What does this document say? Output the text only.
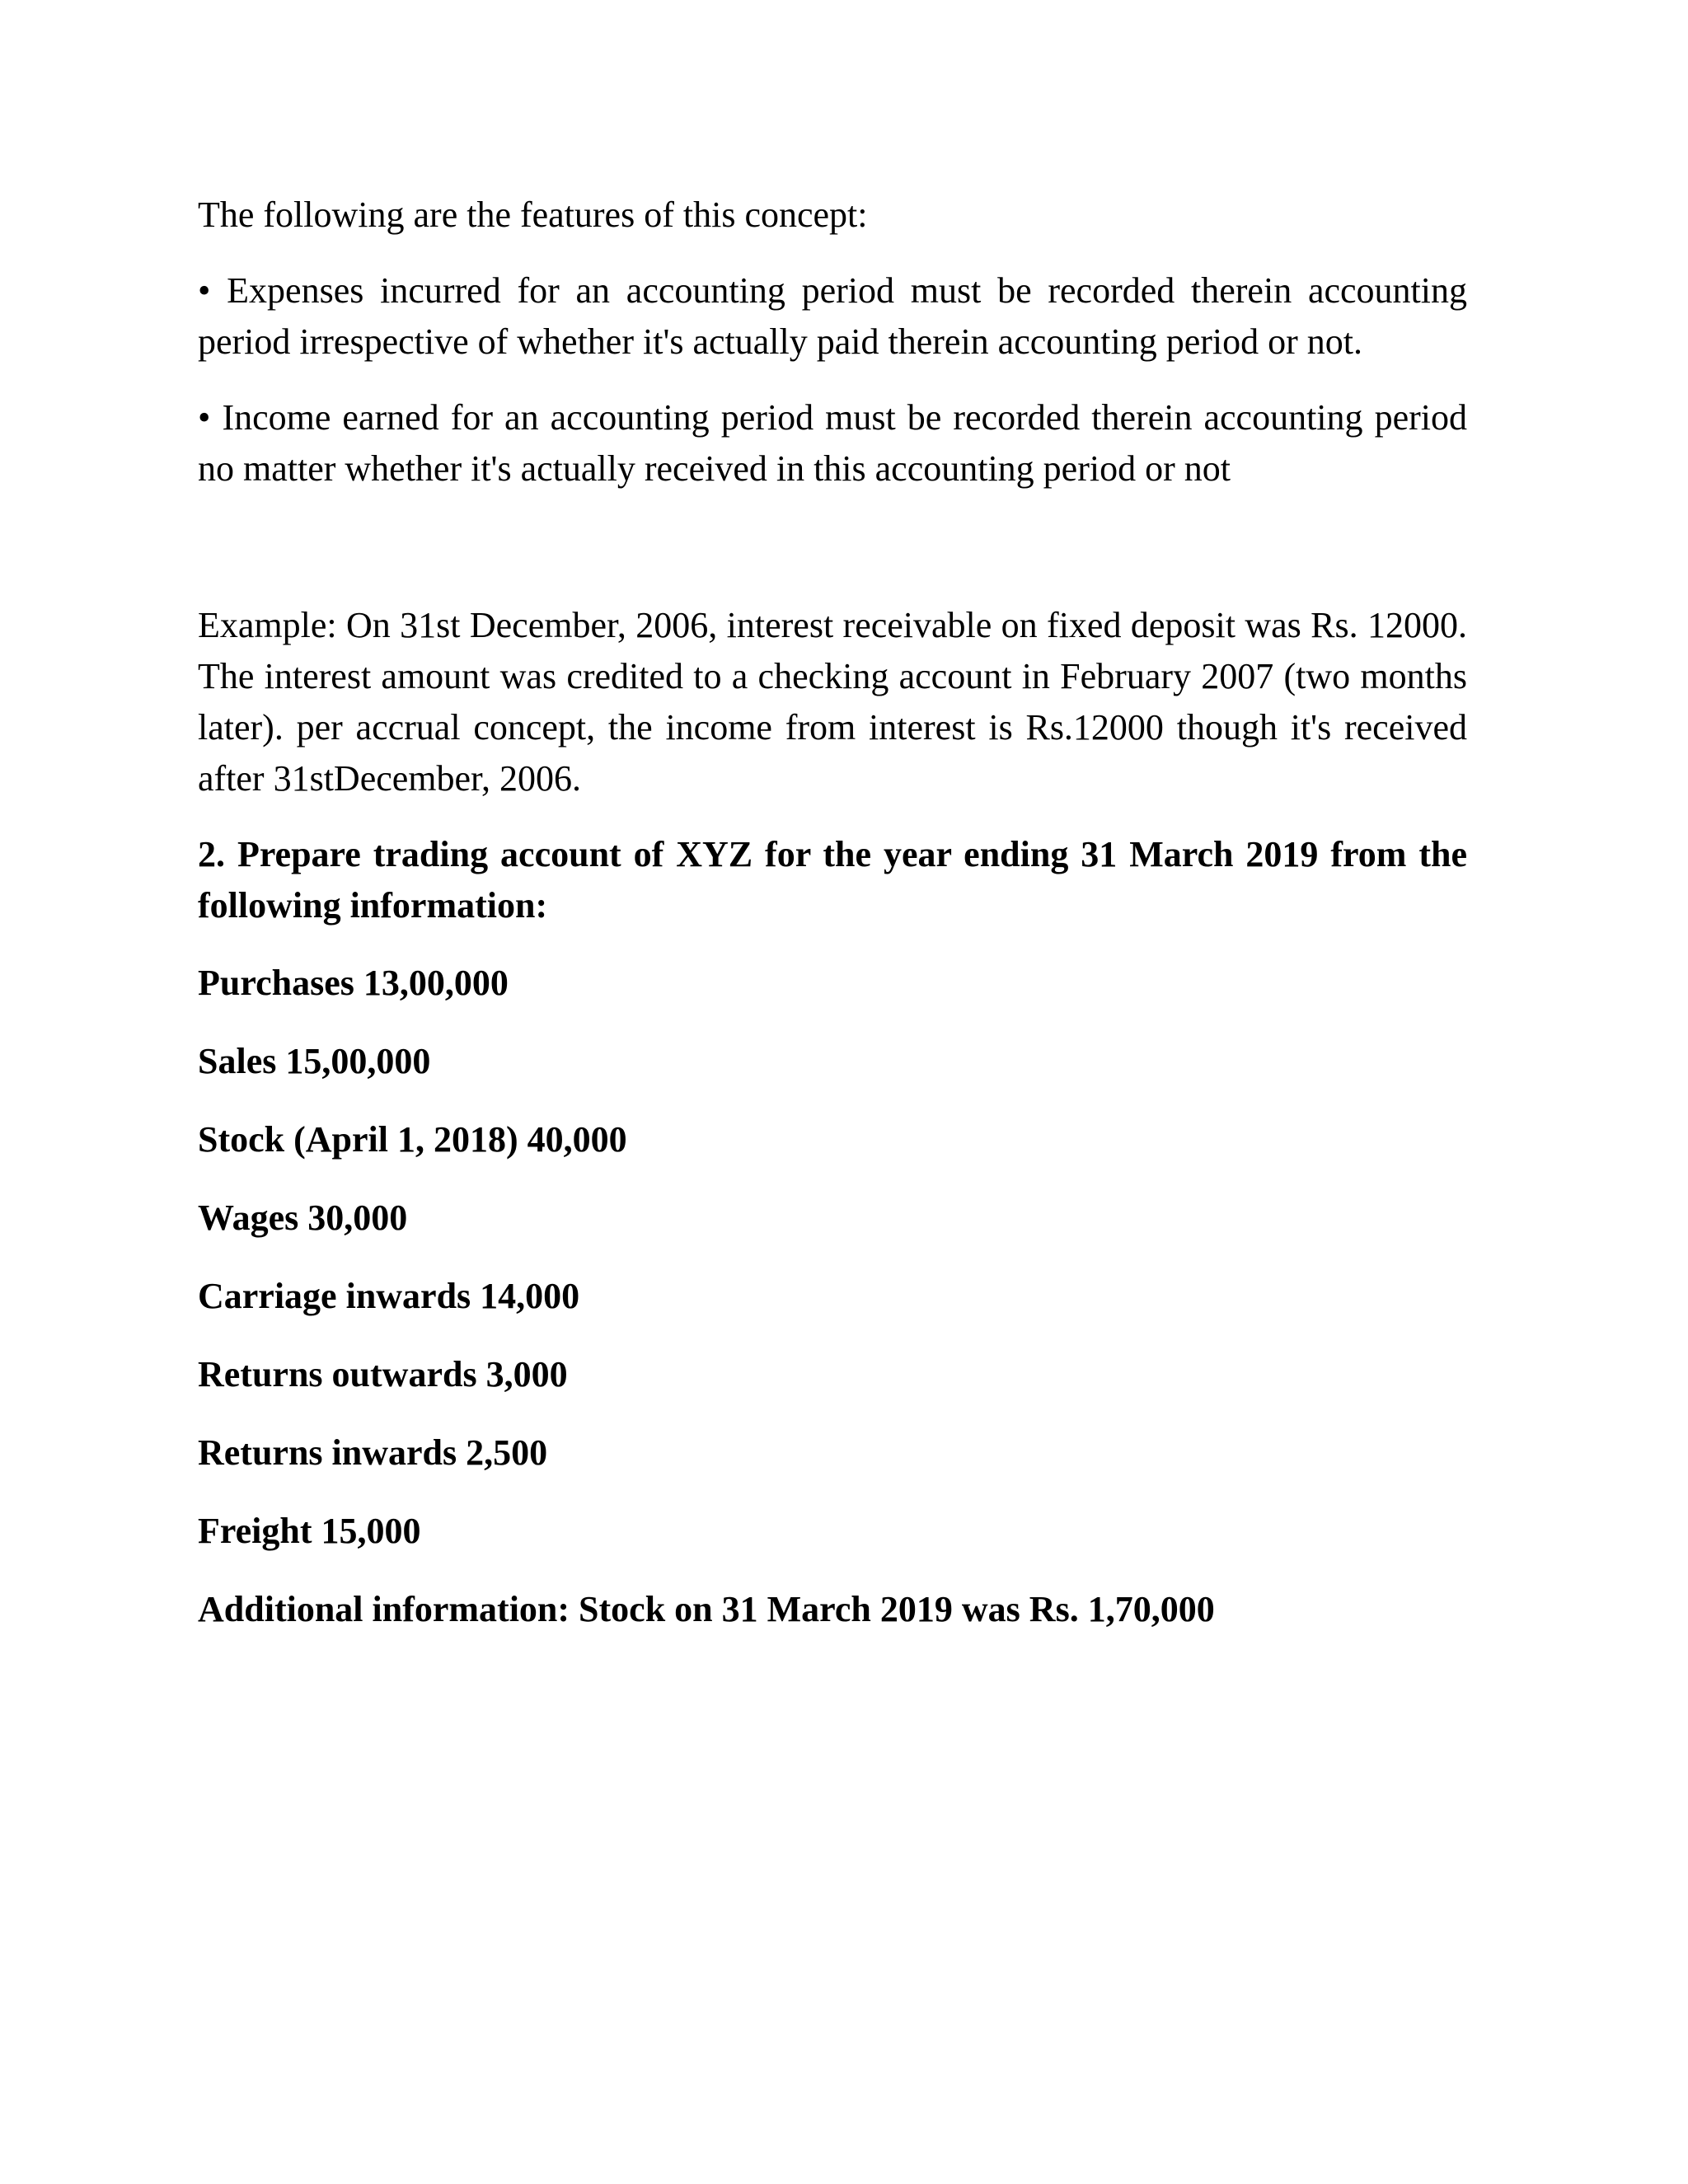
The following are the features of this concept:

• Expenses incurred for an accounting period must be recorded therein accounting period irrespective of whether it's actually paid therein accounting period or not.

• Income earned for an accounting period must be recorded therein accounting period no matter whether it's actually received in this accounting period or not

Example: On 31st December, 2006, interest receivable on fixed deposit was Rs. 12000. The interest amount was credited to a checking account in February 2007 (two months later). per accrual concept, the income from interest is Rs.12000 though it's received after 31stDecember, 2006.

2. Prepare trading account of XYZ for the year ending 31 March 2019 from the following information:

Purchases 13,00,000

Sales 15,00,000

Stock (April 1, 2018) 40,000

Wages 30,000

Carriage inwards 14,000

Returns outwards 3,000

Returns inwards 2,500

Freight 15,000

Additional information: Stock on 31 March 2019 was Rs. 1,70,000
